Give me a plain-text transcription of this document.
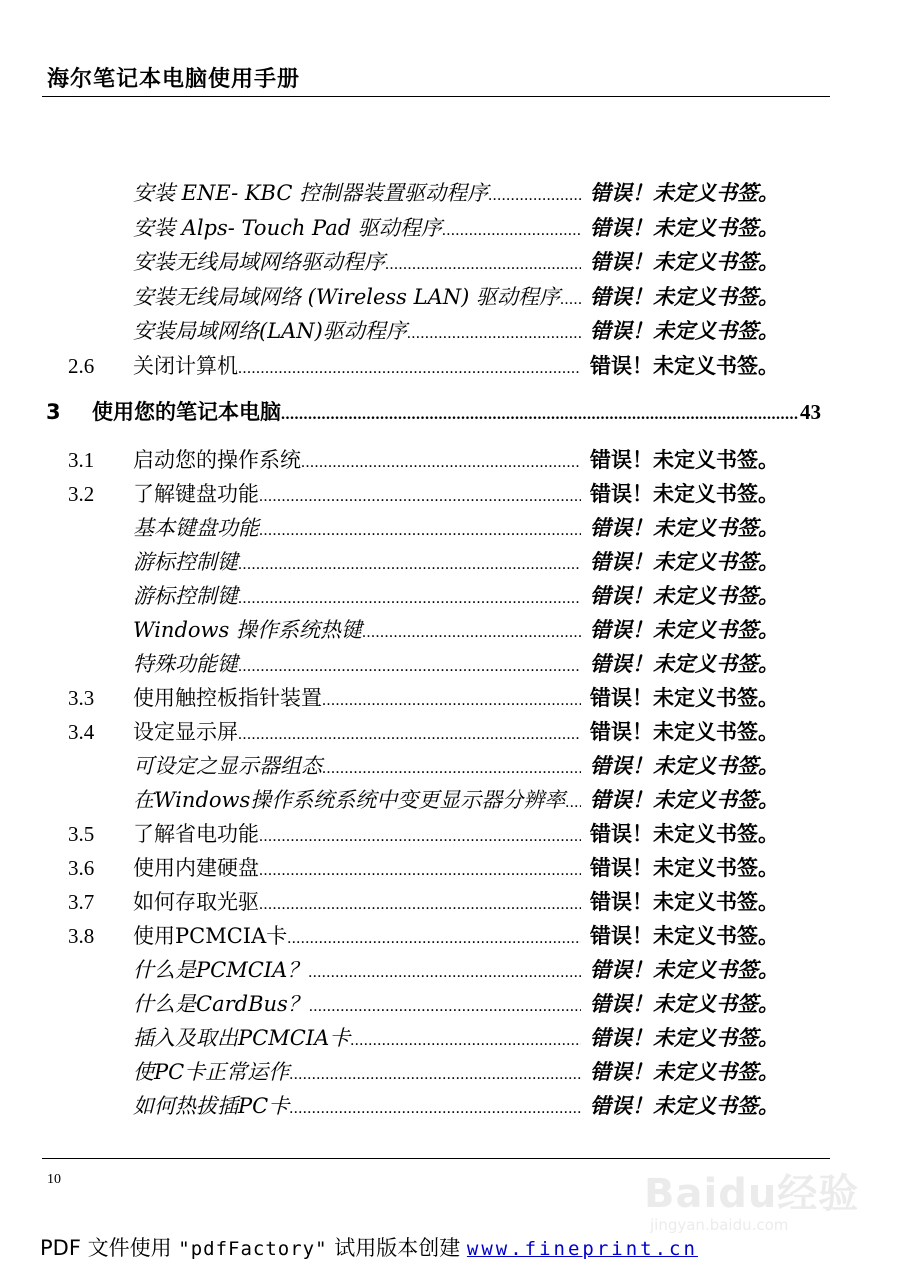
海尔笔记本电脑使用手册
安装 ENE- KBC 控制器装置驱动程序 .....	错误！未定义书签。
安装 Alps- Touch Pad 驱动程序 .....	错误！未定义书签。
安装无线局域网络驱动程序 .....	错误！未定义书签。
安装无线局域网络 (Wireless LAN) 驱动程序 ..... 错误！未定义书签。
安装局域网络(LAN)驱动程序 .....	错误！未定义书签。
2.6 关闭计算机 .....	错误！未定义书签。
3 使用您的笔记本电脑 .....	43
3.1 启动您的操作系统 .....	错误！未定义书签。
3.2 了解键盘功能 .....	错误！未定义书签。
基本键盘功能 .....	错误！未定义书签。
游标控制键 .....	错误！未定义书签。
游标控制键 .....	错误！未定义书签。
Windows 操作系统热键 .....	错误！未定义书签。
特殊功能键 .....	错误！未定义书签。
3.3 使用触控板指针装置 .....	错误！未定义书签。
3.4 设定显示屏 .....	错误！未定义书签。
可设定之显示器组态 .....	错误！未定义书签。
在Windows操作系统系统中变更显示器分辨率 ..... 错误！未定义书签。
3.5 了解省电功能 .....	错误！未定义书签。
3.6 使用内建硬盘 .....	错误！未定义书签。
3.7 如何存取光驱 .....	错误！未定义书签。
3.8 使用PCMCIA卡 .....	错误！未定义书签。
什么是PCMCIA？ .....	错误！未定义书签。
什么是CardBus？ .....	错误！未定义书签。
插入及取出PCMCIA卡 .....	错误！未定义书签。
使PC卡正常运作 .....	错误！未定义书签。
如何热拔插PC卡 .....	错误！未定义书签。
10	Baidu经验
jingyan.baidu.com
PDF 文件使用 "pdfFactory" 试用版本创建 www.fineprint.cn
